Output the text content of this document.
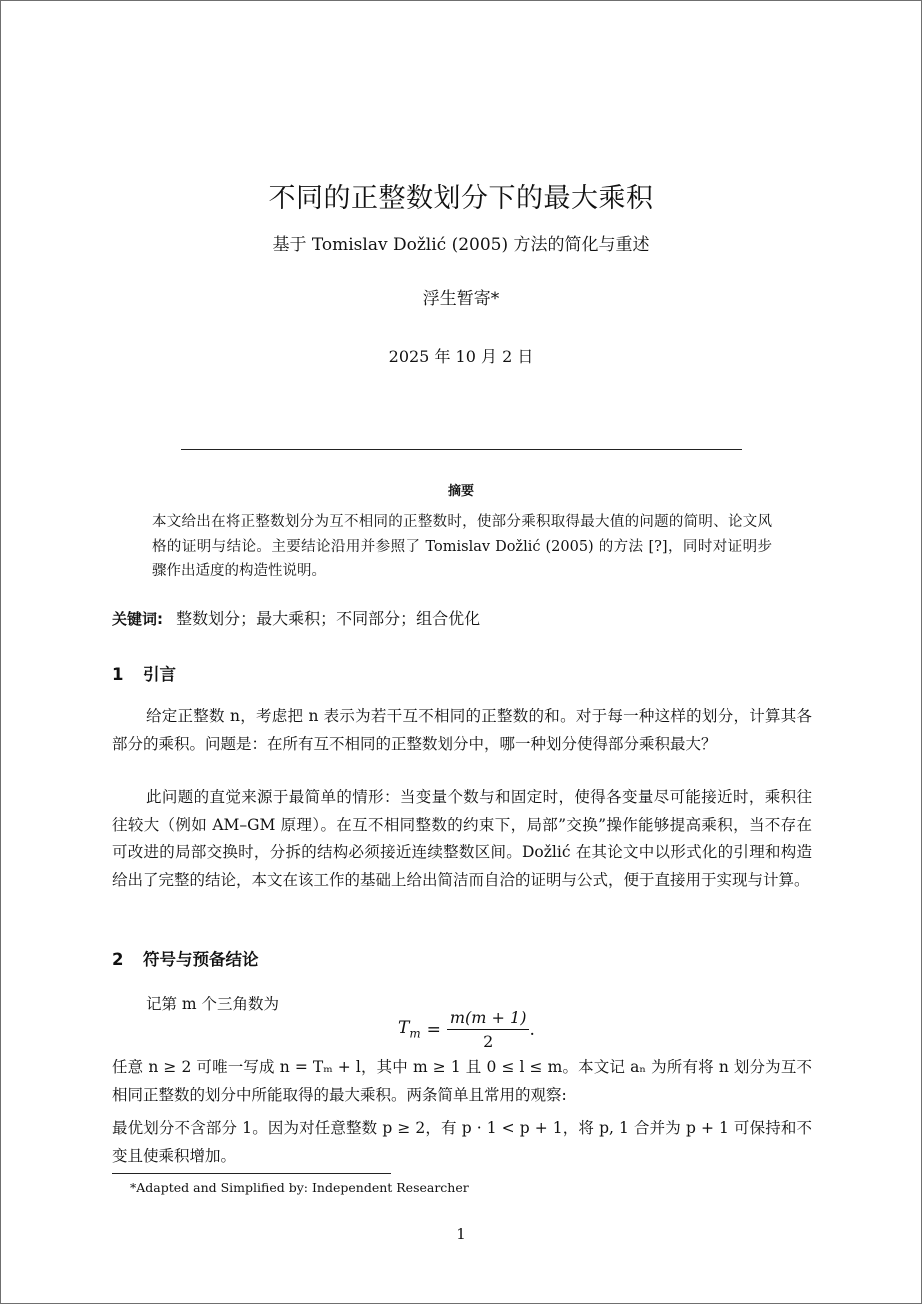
不同的正整数划分下的最大乘积
基于 Tomislav Dožlić (2005) 方法的简化与重述
浮生暂寄*
2025 年 10 月 2 日
摘要
本文给出在将正整数划分为互不相同的正整数时，使部分乘积取得最大值的问题的简明、论文风格的证明与结论。主要结论沿用并参照了 Tomislav Dožlić (2005) 的方法 [?]，同时对证明步骤作出适度的构造性说明。
关键词: 整数划分；最大乘积；不同部分；组合优化
1 引言
给定正整数 n，考虑把 n 表示为若干互不相同的正整数的和。对于每一种这样的划分，计算其各部分的乘积。问题是：在所有互不相同的正整数划分中，哪一种划分使得部分乘积最大？
此问题的直觉来源于最简单的情形：当变量个数与和固定时，使得各变量尽可能接近时，乘积往往较大（例如 AM–GM 原理）。在互不相同整数的约束下，局部”交换”操作能够提高乘积，当不存在可改进的局部交换时，分拆的结构必须接近连续整数区间。Dožlić 在其论文中以形式化的引理和构造给出了完整的结论，本文在该工作的基础上给出简洁而自洽的证明与公式，便于直接用于实现与计算。
2 符号与预备结论
记第 m 个三角数为
$T_m = \frac{m(m + 1)}{2}$ .
任意 n ≥ 2 可唯一写成 n = Tₘ + l，其中 m ≥ 1 且 0 ≤ l ≤ m。本文记 aₙ 为所有将 n 划分为互不相同正整数的划分中所能取得的最大乘积。两条简单且常用的观察:
最优划分不含部分 1。因为对任意整数 p ≥ 2，有 p · 1 < p + 1，将 p, 1 合并为 p + 1 可保持和不变且使乘积增加。
*Adapted and Simplified by: Independent Researcher
1
